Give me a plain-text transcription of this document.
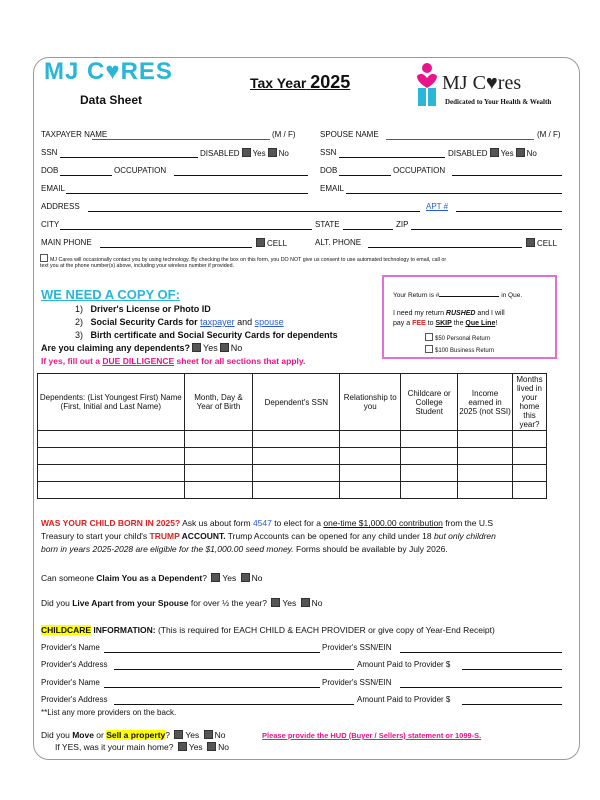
MJ C♥RES
Data Sheet
Tax Year 2025	MJ C♥res
Dedicated to Your Health & Wealth
TAXPAYER NAME	(M / F)	SPOUSE NAME	(M / F)
SSN	DISABLED Yes No	SSN	DISABLED Yes No
DOB	OCCUPATION	DOB	OCCUPATION
EMAIL	EMAIL
ADDRESS	APT #
CITY	STATE	ZIP
MAIN PHONE	CELL	ALT. PHONE	CELL
MJ Cares will occasionally contact you by using technology. By checking the box on this form, you DO NOT give us consent to use automated technology to email, call or
text you at the phone number(s) above, including your wireless number if provided.
WE NEED A COPY OF:
1) Driver's License or Photo ID
2) Social Security Cards for taxpayer and spouse
3) Birth certificate and Social Security Cards for dependents
Are you claiming any dependents? Yes No
If yes, fill out a DUE DILLIGENCE sheet for all sections that apply.
Your Return is #	in Que.
I need my return RUSHED and I will
pay a FEE to SKIP the Que Line!
$50 Personal Return
$100 Business Return
Dependents: (List Youngest First) Name (First, Initial and Last Name)	Month, Day & Year of Birth	Dependent's SSN	Relationship to you	Childcare or College Student	Income earned in 2025 (not SSI)	Months lived in your home this year?

WAS YOUR CHILD BORN IN 2025? Ask us about form 4547 to elect for a one-time $1,000.00 contribution from the U.S
Treasury to start your child's TRUMP ACCOUNT. Trump Accounts can be opened for any child under 18 but only children
born in years 2025-2028 are eligible for the $1,000.00 seed money. Forms should be available by July 2026.
Can someone Claim You as a Dependent? Yes No
Did you Live Apart from your Spouse for over ½ the year? Yes No
CHILDCARE INFORMATION: (This is required for EACH CHILD & EACH PROVIDER or give copy of Year-End Receipt)
Provider's Name	Provider's SSN/EIN
Provider's Address	Amount Paid to Provider $
Provider's Name	Provider's SSN/EIN
Provider's Address	Amount Paid to Provider $
**List any more providers on the back.
Did you Move or Sell a property? Yes No	Please provide the HUD (Buyer / Sellers) statement or 1099-S.
If YES, was it your main home? Yes No
